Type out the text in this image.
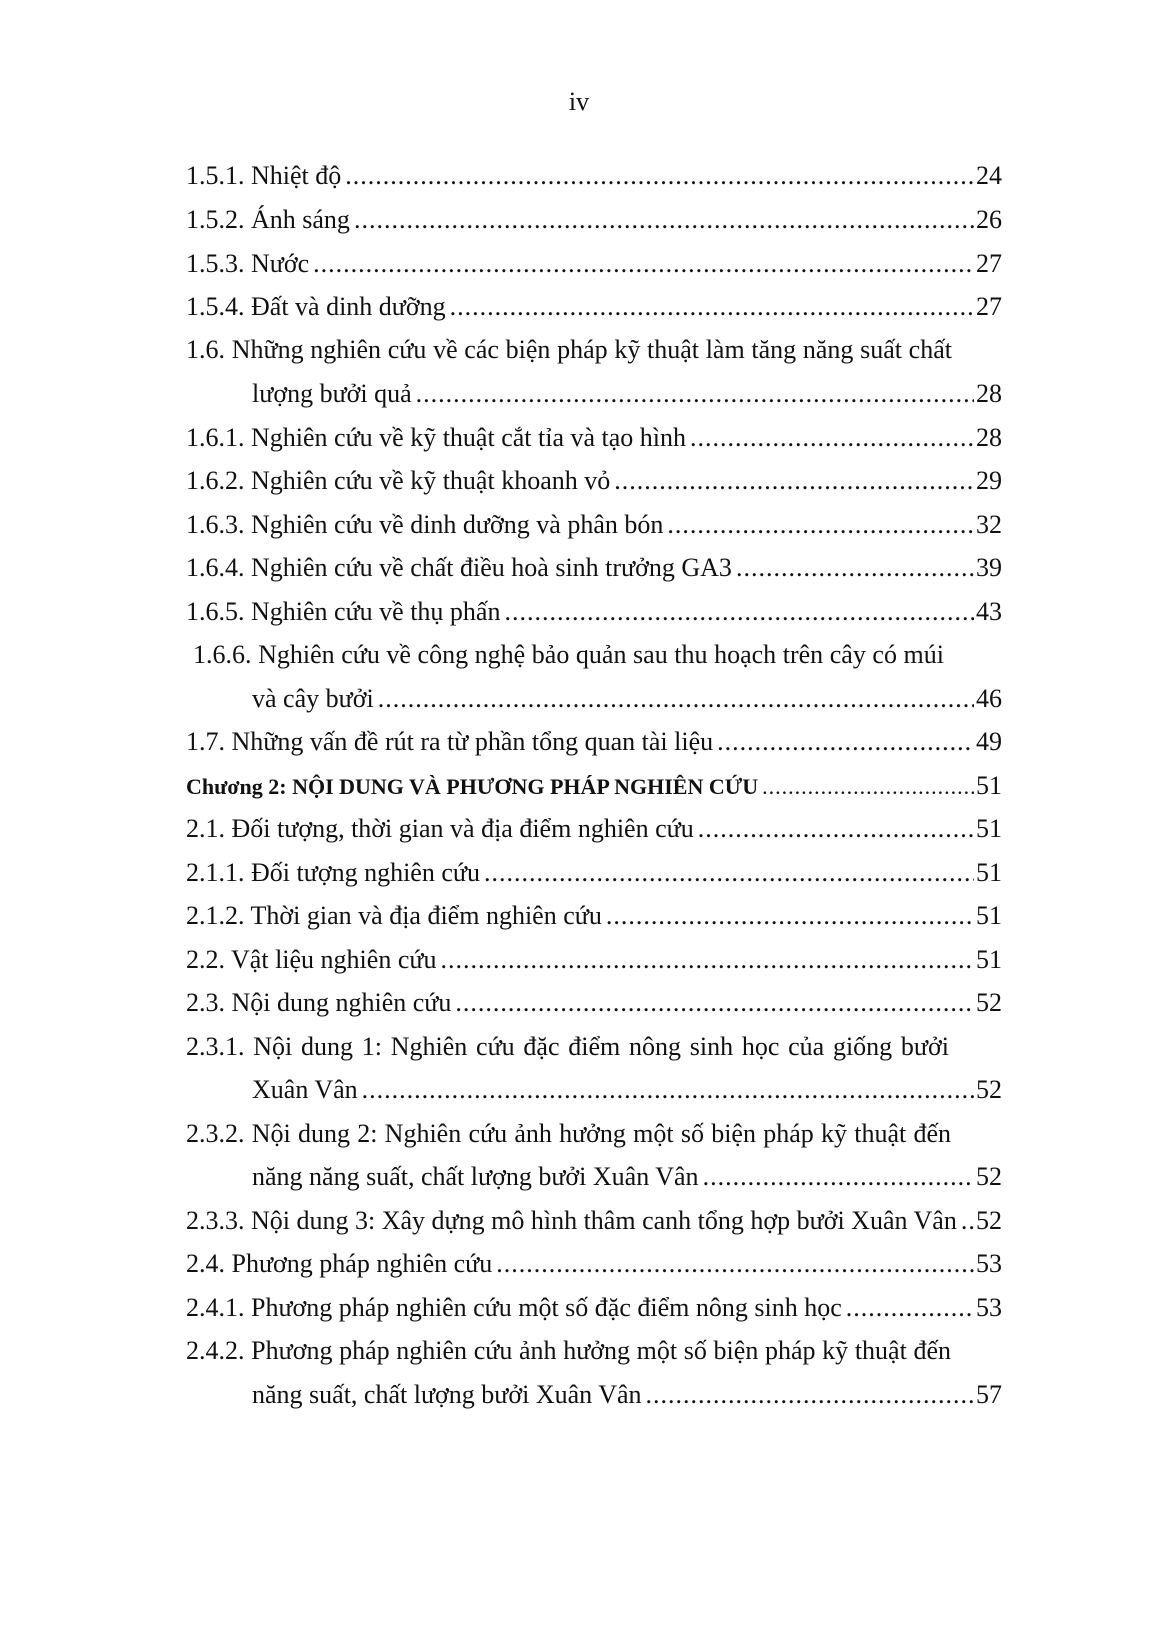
iv
1.5.1. Nhiệt độ .....	24
1.5.2. Ánh sáng .....	26
1.5.3. Nước .....	27
1.5.4. Đất và dinh dưỡng .....	27
1.6. Những nghiên cứu về các biện pháp kỹ thuật làm tăng năng suất chất
lượng bưởi quả .....	28
1.6.1. Nghiên cứu về kỹ thuật cắt tỉa và tạo hình .....	28
1.6.2. Nghiên cứu về kỹ thuật khoanh vỏ .....	29
1.6.3. Nghiên cứu về dinh dưỡng và phân bón .....	32
1.6.4. Nghiên cứu về chất điều hoà sinh trưởng GA3 .....	39
1.6.5. Nghiên cứu về thụ phấn .....	43
1.6.6. Nghiên cứu về công nghệ bảo quản sau thu hoạch trên cây có múi
và cây bưởi .....	46
1.7. Những vấn đề rút ra từ phần tổng quan tài liệu .....	49
Chương 2: NỘI DUNG VÀ PHƯƠNG PHÁP NGHIÊN CỨU .....	51
2.1. Đối tượng, thời gian và địa điểm nghiên cứu .....	51
2.1.1. Đối tượng nghiên cứu .....	51
2.1.2. Thời gian và địa điểm nghiên cứu .....	51
2.2. Vật liệu nghiên cứu .....	51
2.3. Nội dung nghiên cứu .....	52
2.3.1. Nội dung 1: Nghiên cứu đặc điểm nông sinh học của giống bưởi
Xuân Vân .....	52
2.3.2. Nội dung 2: Nghiên cứu ảnh hưởng một số biện pháp kỹ thuật đến
năng năng suất, chất lượng bưởi Xuân Vân .....	52
2.3.3. Nội dung 3: Xây dựng mô hình thâm canh tổng hợp bưởi Xuân Vân ..... 52
2.4. Phương pháp nghiên cứu .....	53
2.4.1. Phương pháp nghiên cứu một số đặc điểm nông sinh học .....	53
2.4.2. Phương pháp nghiên cứu ảnh hưởng một số biện pháp kỹ thuật đến
năng suất, chất lượng bưởi Xuân Vân .....	57
